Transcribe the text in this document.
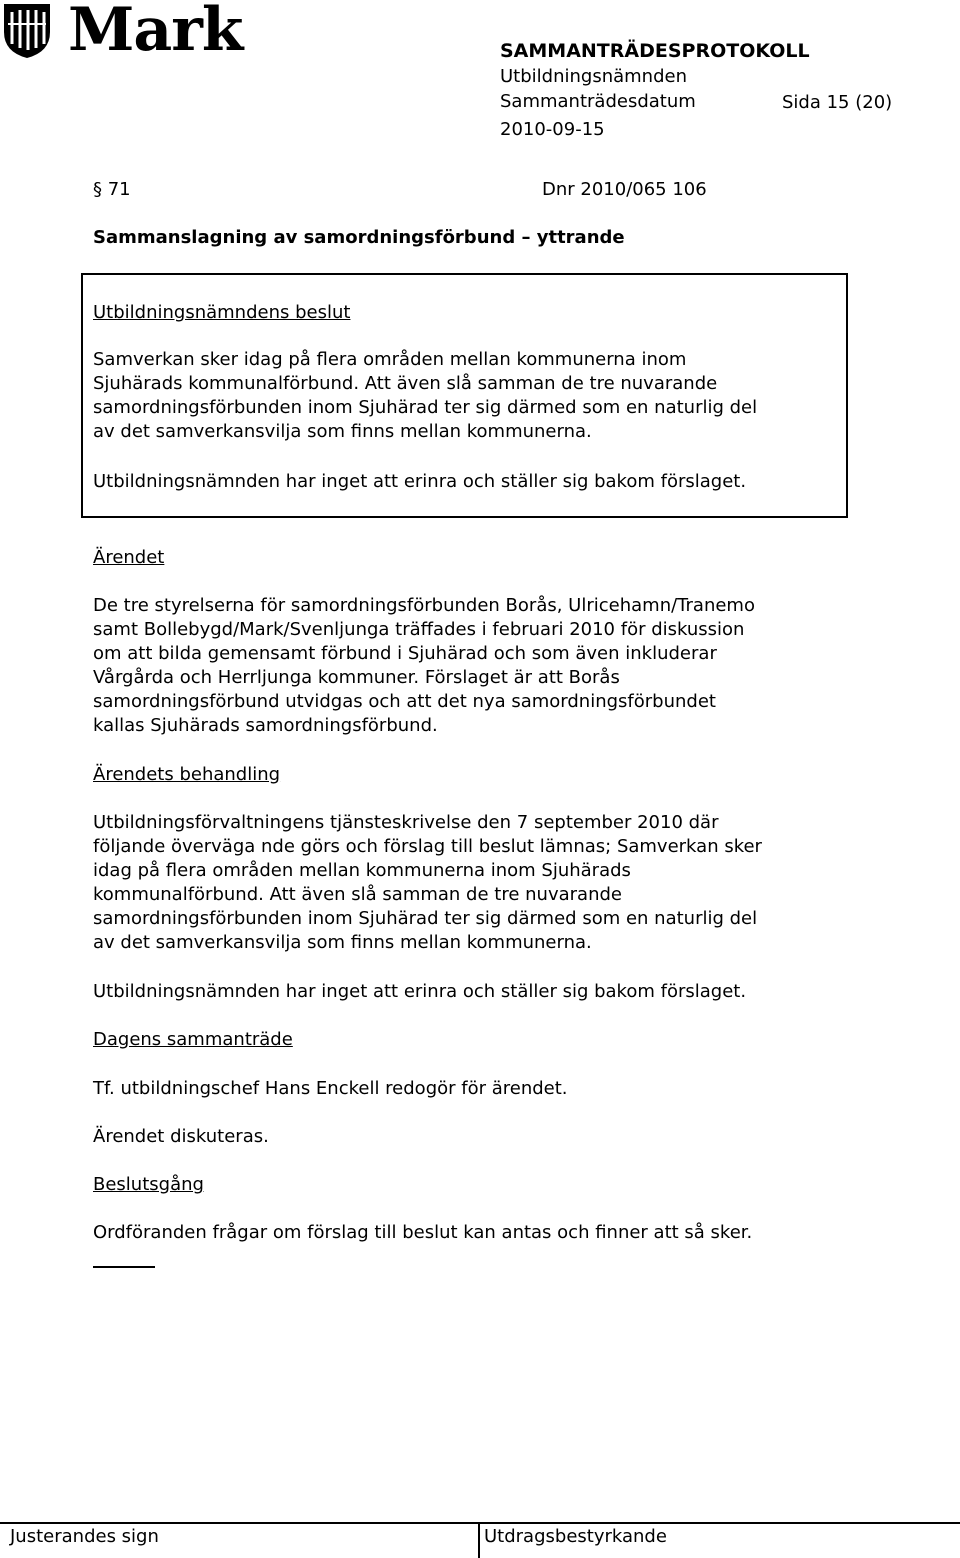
Mark	SAMMANTRÄDESPROTOKOLL
Utbildningsnämnden
Sammanträdesdatum	Sida 15 (20)
2010-09-15
§ 71	Dnr 2010/065 106
Sammanslagning av samordningsförbund – yttrande
Utbildningsnämndens beslut
Samverkan sker idag på flera områden mellan kommunerna inom
Sjuhärads kommunalförbund. Att även slå samman de tre nuvarande
samordningsförbunden inom Sjuhärad ter sig därmed som en naturlig del
av det samverkansvilja som finns mellan kommunerna.
Utbildningsnämnden har inget att erinra och ställer sig bakom förslaget.
Ärendet
De tre styrelserna för samordningsförbunden Borås, Ulricehamn/Tranemo
samt Bollebygd/Mark/Svenljunga träffades i februari 2010 för diskussion
om att bilda gemensamt förbund i Sjuhärad och som även inkluderar
Vårgårda och Herrljunga kommuner. Förslaget är att Borås
samordningsförbund utvidgas och att det nya samordningsförbundet
kallas Sjuhärads samordningsförbund.
Ärendets behandling
Utbildningsförvaltningens tjänsteskrivelse den 7 september 2010 där
följande överväga nde görs och förslag till beslut lämnas; Samverkan sker
idag på flera områden mellan kommunerna inom Sjuhärads
kommunalförbund. Att även slå samman de tre nuvarande
samordningsförbunden inom Sjuhärad ter sig därmed som en naturlig del
av det samverkansvilja som finns mellan kommunerna.
Utbildningsnämnden har inget att erinra och ställer sig bakom förslaget.
Dagens sammanträde
Tf. utbildningschef Hans Enckell redogör för ärendet.
Ärendet diskuteras.
Beslutsgång
Ordföranden frågar om förslag till beslut kan antas och finner att så sker.
Justerandes sign	Utdragsbestyrkande
